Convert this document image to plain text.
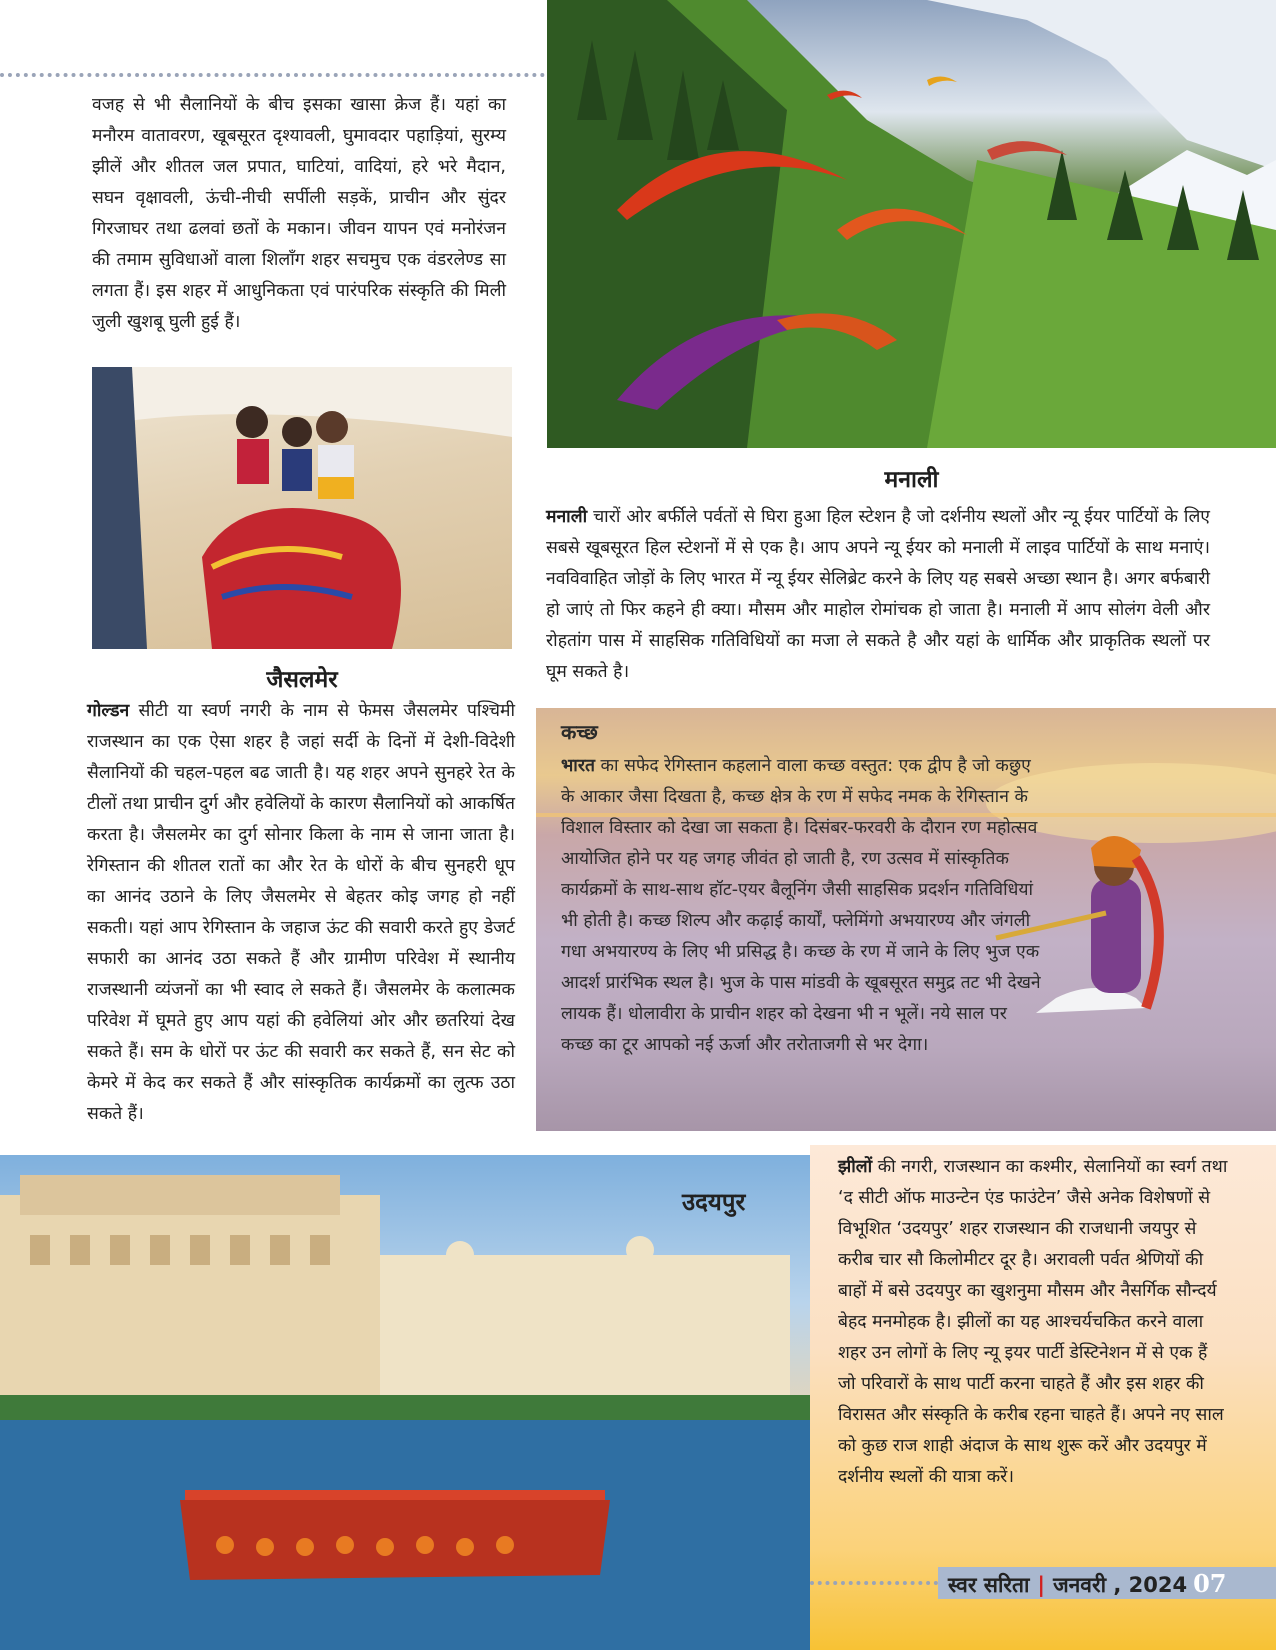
वजह से भी सैलानियों के बीच इसका खासा क्रेज हैं। यहां का मनौरम वातावरण, खूबसूरत दृश्यावली, घुमावदार पहाड़ियां, सुरम्य झीलें और शीतल जल प्रपात, घाटियां, वादियां, हरे भरे मैदान, सघन वृक्षावली, ऊंची-नीची सर्पीली सड़कें, प्राचीन और सुंदर गिरजाघर तथा ढलवां छतों के मकान। जीवन यापन एवं मनोरंजन की तमाम सुविधाओं वाला शिलाँग शहर सचमुच एक वंडरलेण्ड सा लगता हैं। इस शहर में आधुनिकता एवं पारंपरिक संस्कृति की मिली जुली खुशबू घुली हुई हैं।

मनाली

मनाली चारों ओर बर्फीले पर्वतों से घिरा हुआ हिल स्टेशन है जो दर्शनीय स्थलों और न्यू ईयर पार्टियों के लिए सबसे खूबसूरत हिल स्टेशनों में से एक है। आप अपने न्यू ईयर को मनाली में लाइव पार्टियों के साथ मनाएं। नवविवाहित जोड़ों के लिए भारत में न्यू ईयर सेलिब्रेट करने के लिए यह सबसे अच्छा स्थान है। अगर बर्फबारी हो जाएं तो फिर कहने ही क्या। मौसम और माहोल रोमांचक हो जाता है। मनाली में आप सोलंग वेली और रोहतांग पास में साहसिक गतिविधियों का मजा ले सकते है और यहां के धार्मिक और प्राकृतिक स्थलों पर घूम सकते है।

जैसलमेर

गोल्डन सीटी या स्वर्ण नगरी के नाम से फेमस जैसलमेर पश्चिमी राजस्थान का एक ऐसा शहर है जहां सर्दी के दिनों में देशी-विदेशी सैलानियों की चहल-पहल बढ जाती है। यह शहर अपने सुनहरे रेत के टीलों तथा प्राचीन दुर्ग और हवेलियों के कारण सैलानियों को आकर्षित करता है। जैसलमेर का दुर्ग सोनार किला के नाम से जाना जाता है। रेगिस्तान की शीतल रातों का और रेत के धोरों के बीच सुनहरी धूप का आनंद उठाने के लिए जैसलमेर से बेहतर कोइ जगह हो नहीं सकती। यहां आप रेगिस्तान के जहाज ऊंट की सवारी करते हुए डेजर्ट सफारी का आनंद उठा सकते हैं और ग्रामीण परिवेश में स्थानीय राजस्थानी व्यंजनों का भी स्वाद ले सकते हैं। जैसलमेर के कलात्मक परिवेश में घूमते हुए आप यहां की हवेलियां ओर और छतरियां देख सकते हैं। सम के धोरों पर ऊंट की सवारी कर सकते हैं, सन सेट को केमरे में केद कर सकते हैं और सांस्कृतिक कार्यक्रमों का लुत्फ उठा सकते हैं।

कच्छ

भारत का सफेद रेगिस्तान कहलाने वाला कच्छ वस्तुत: एक द्वीप है जो कछुए के आकार जैसा दिखता है, कच्छ क्षेत्र के रण में सफेद नमक के रेगिस्तान के विशाल विस्तार को देखा जा सकता है। दिसंबर-फरवरी के दौरान रण महोत्सव आयोजित होने पर यह जगह जीवंत हो जाती है, रण उत्सव में सांस्कृतिक कार्यक्रमों के साथ-साथ हॉट-एयर बैलूनिंग जैसी साहसिक प्रदर्शन गतिविधियां भी होती है। कच्छ शिल्प और कढ़ाई कार्यों, फ्लेमिंगो अभयारण्य और जंगली गधा अभयारण्य के लिए भी प्रसिद्ध है। कच्छ के रण में जाने के लिए भुज एक आदर्श प्रारंभिक स्थल है। भुज के पास मांडवी के खूबसूरत समुद्र तट भी देखने लायक हैं। धोलावीरा के प्राचीन शहर को देखना भी न भूलें। नये साल पर कच्छ का टूर आपको नई ऊर्जा और तरोताजगी से भर देगा।

उदयपुर

झीलों की नगरी, राजस्थान का कश्मीर, सेलानियों का स्वर्ग तथा ‘द सीटी ऑफ माउन्टेन एंड फाउंटेन’ जैसे अनेक विशेषणों से विभूशित ‘उदयपुर’ शहर राजस्थान की राजधानी जयपुर से करीब चार सौ किलोमीटर दूर है। अरावली पर्वत श्रेणियों की बाहों में बसे उदयपुर का खुशनुमा मौसम और नैसर्गिक सौन्दर्य बेहद मनमोहक है। झीलों का यह आश्चर्यचकित करने वाला शहर उन लोगों के लिए न्यू इयर पार्टी डेस्टिनेशन में से एक हैं जो परिवारों के साथ पार्टी करना चाहते हैं और इस शहर की विरासत और संस्कृति के करीब रहना चाहते हैं। अपने नए साल को कुछ राज शाही अंदाज के साथ शुरू करें और उदयपुर में दर्शनीय स्थलों की यात्रा करें।

स्वर सरिता | जनवरी , 2024 07
